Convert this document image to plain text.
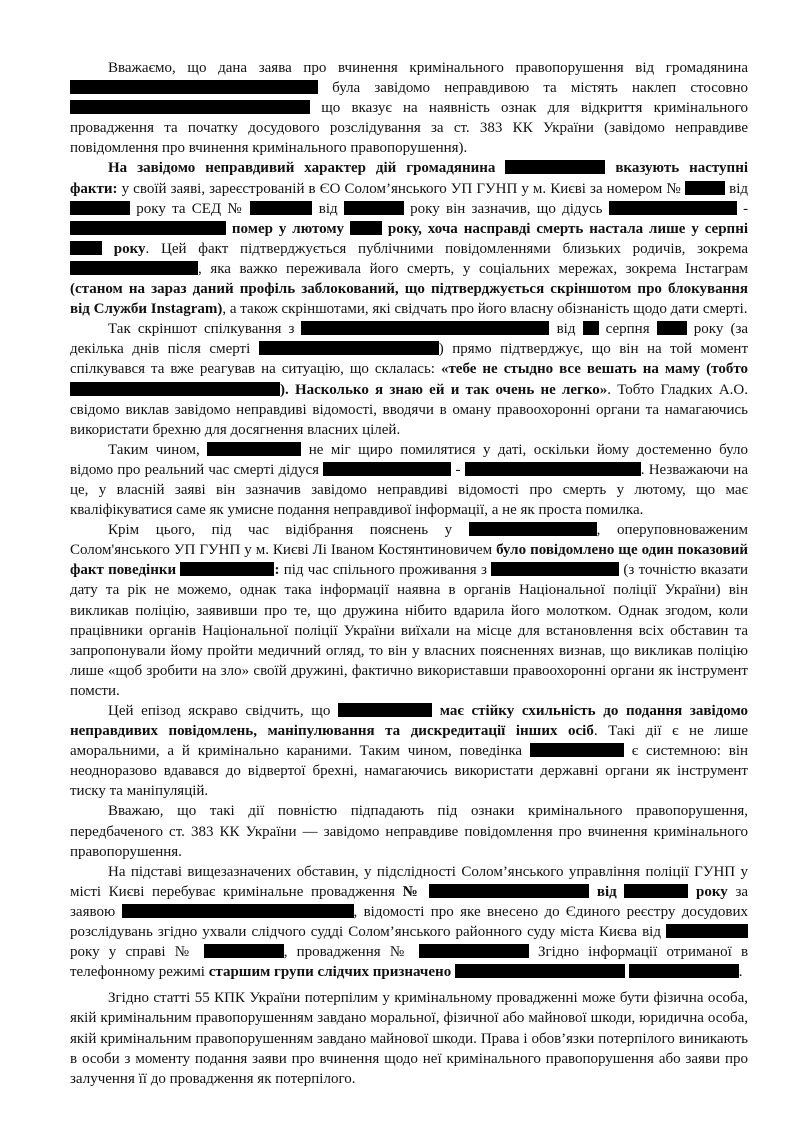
Вважаємо, що дана заява про вчинення кримінального правопорушення від громадянина  була завідомо неправдивою та містять наклеп стосовно  що вказує на наявність ознак для відкриття кримінального провадження та початку досудового розслідування за ст. 383 КК України (завідомо неправдиве повідомлення про вчинення кримінального правопорушення).

На завідомо неправдивий характер дій громадянина	вказують наступні факти: у своїй заяві, зареєстрованій в ЄО Солом’янського УП ГУНП у м. Києві за номером №	від  року та СЕД №	від	року він зазначив, що дідусь	-  помер у лютому	року, хоча насправді смерть настала лише у серпні  року. Цей факт підтверджується публічними повідомленнями близьких родичів, зокрема , яка важко переживала його смерть, у соціальних мережах, зокрема Інстаграм (станом на зараз даний профіль заблокований, що підтверджується скріншотом про блокування від Служби Instagram), а також скріншотами, які свідчать про його власну обізнаність щодо дати смерті.

Так скріншот спілкування з	від серпня	року (за декілька днів після смерті	) прямо підтверджує, що він на той момент спілкувався та вже реагував на ситуацію, що склалась: «тебе не стыдно все вешать на маму (тобто ). Насколько я знаю ей и так очень не легко». Тобто Гладких А.О. свідомо виклав завідомо неправдиві відомості, вводячи в оману правоохоронні органи та намагаючись використати брехню для досягнення власних цілей.

Таким чином,	не міг щиро помилятися у даті, оскільки йому достеменно було відомо про реальний час смерті дідуся	-	. Незважаючи на це, у власній заяві він зазначив завідомо неправдиві відомості про смерть у лютому, що має кваліфікуватися саме як умисне подання неправдивої інформації, а не як проста помилка.

Крім цього, під час відібрання пояснень у	, оперуповноваженим Солом'янського УП ГУНП у м. Києві Лі Іваном Костянтиновичем було повідомлено ще один показовий факт поведінки	: під час спільного проживання з	(з точністю вказати дату та рік не можемо, однак така інформації наявна в органів Національної поліції України) він викликав поліцію, заявивши про те, що дружина нібито вдарила його молотком. Однак згодом, коли працівники органів Національної поліції України виїхали на місце для встановлення всіх обставин та запропонували йому пройти медичний огляд, то він у власних поясненнях визнав, що викликав поліцію лише «щоб зробити на зло» своїй дружині, фактично використавши правоохоронні органи як інструмент помсти.

Цей епізод яскраво свідчить, що	має стійку схильність до подання завідомо неправдивих повідомлень, маніпулювання та дискредитації інших осіб. Такі дії є не лише аморальними, а й кримінально караними. Таким чином, поведінка	є системною: він неодноразово вдавався до відвертої брехні, намагаючись використати державні органи як інструмент тиску та маніпуляцій.

Вважаю, що такі дії повністю підпадають під ознаки кримінального правопорушення, передбаченого ст. 383 КК України — завідомо неправдиве повідомлення про вчинення кримінального правопорушення.

На підставі вищезазначених обставин, у підслідності Солом’янського управління поліції ГУНП у місті Києві перебуває кримінальне провадження №	від	року за заявою	, відомості про яке внесено до Єдиного реєстру досудових розслідувань згідно ухвали слідчого судді Солом’янського районного суду міста Києва від  року у справі №	, провадження №	Згідно інформації отриманої в телефонному режимі старшим групи слідчих призначено	.

Згідно статті 55 КПК України потерпілим у кримінальному провадженні може бути фізична особа, якій кримінальним правопорушенням завдано моральної, фізичної або майнової шкоди, юридична особа, якій кримінальним правопорушенням завдано майнової шкоди. Права і обов’язки потерпілого виникають в особи з моменту подання заяви про вчинення щодо неї кримінального правопорушення або заяви про залучення її до провадження як потерпілого.
